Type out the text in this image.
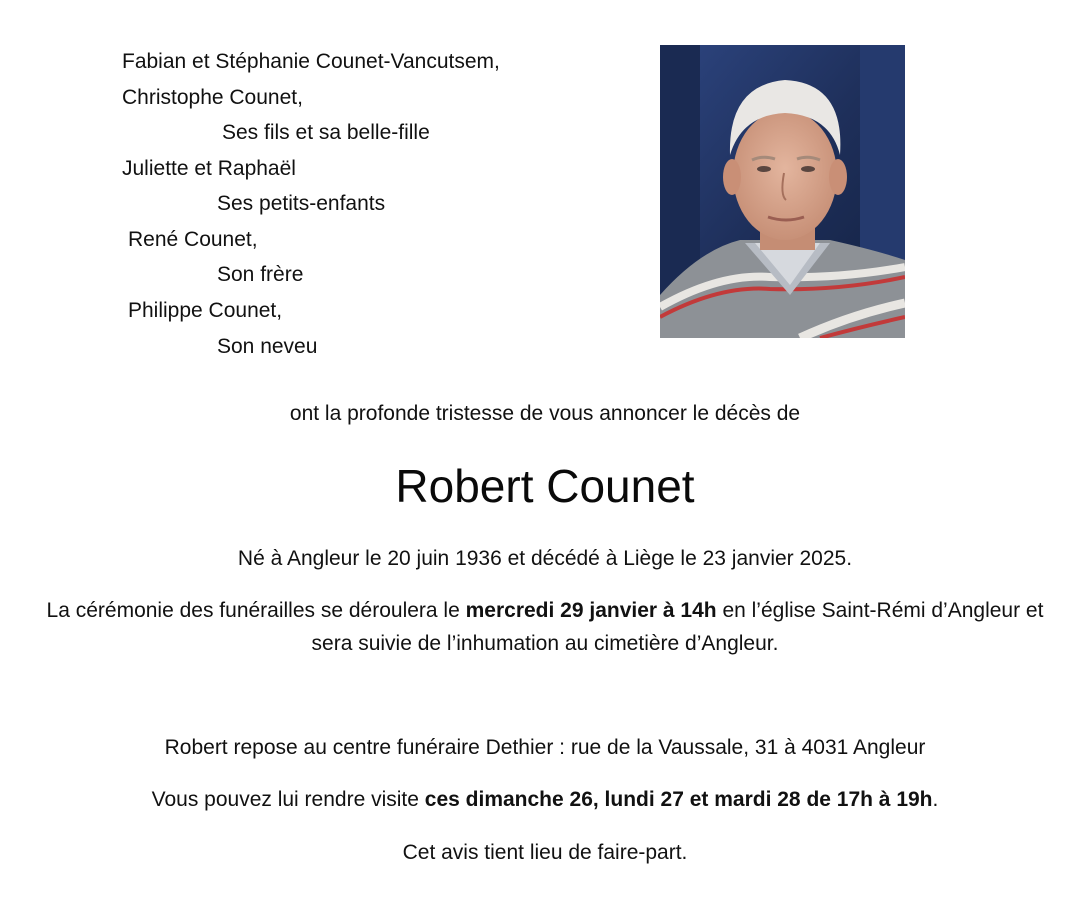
Fabian et Stéphanie Counet-Vancutsem,
Christophe Counet,
Ses fils et sa belle-fille
Juliette et Raphaël
Ses petits-enfants
René Counet,
Son frère
Philippe Counet,
Son neveu
ont la profonde tristesse de vous annoncer le décès de
Robert Counet
Né à Angleur le 20 juin 1936 et décédé à Liège le 23 janvier 2025.
La cérémonie des funérailles se déroulera le mercredi 29 janvier à 14h en l’église Saint-Rémi d’Angleur et sera suivie de l’inhumation au cimetière d’Angleur.
Robert repose au centre funéraire Dethier : rue de la Vaussale, 31 à 4031 Angleur
Vous pouvez lui rendre visite ces dimanche 26, lundi 27 et mardi 28 de 17h à 19h.
Cet avis tient lieu de faire-part.
